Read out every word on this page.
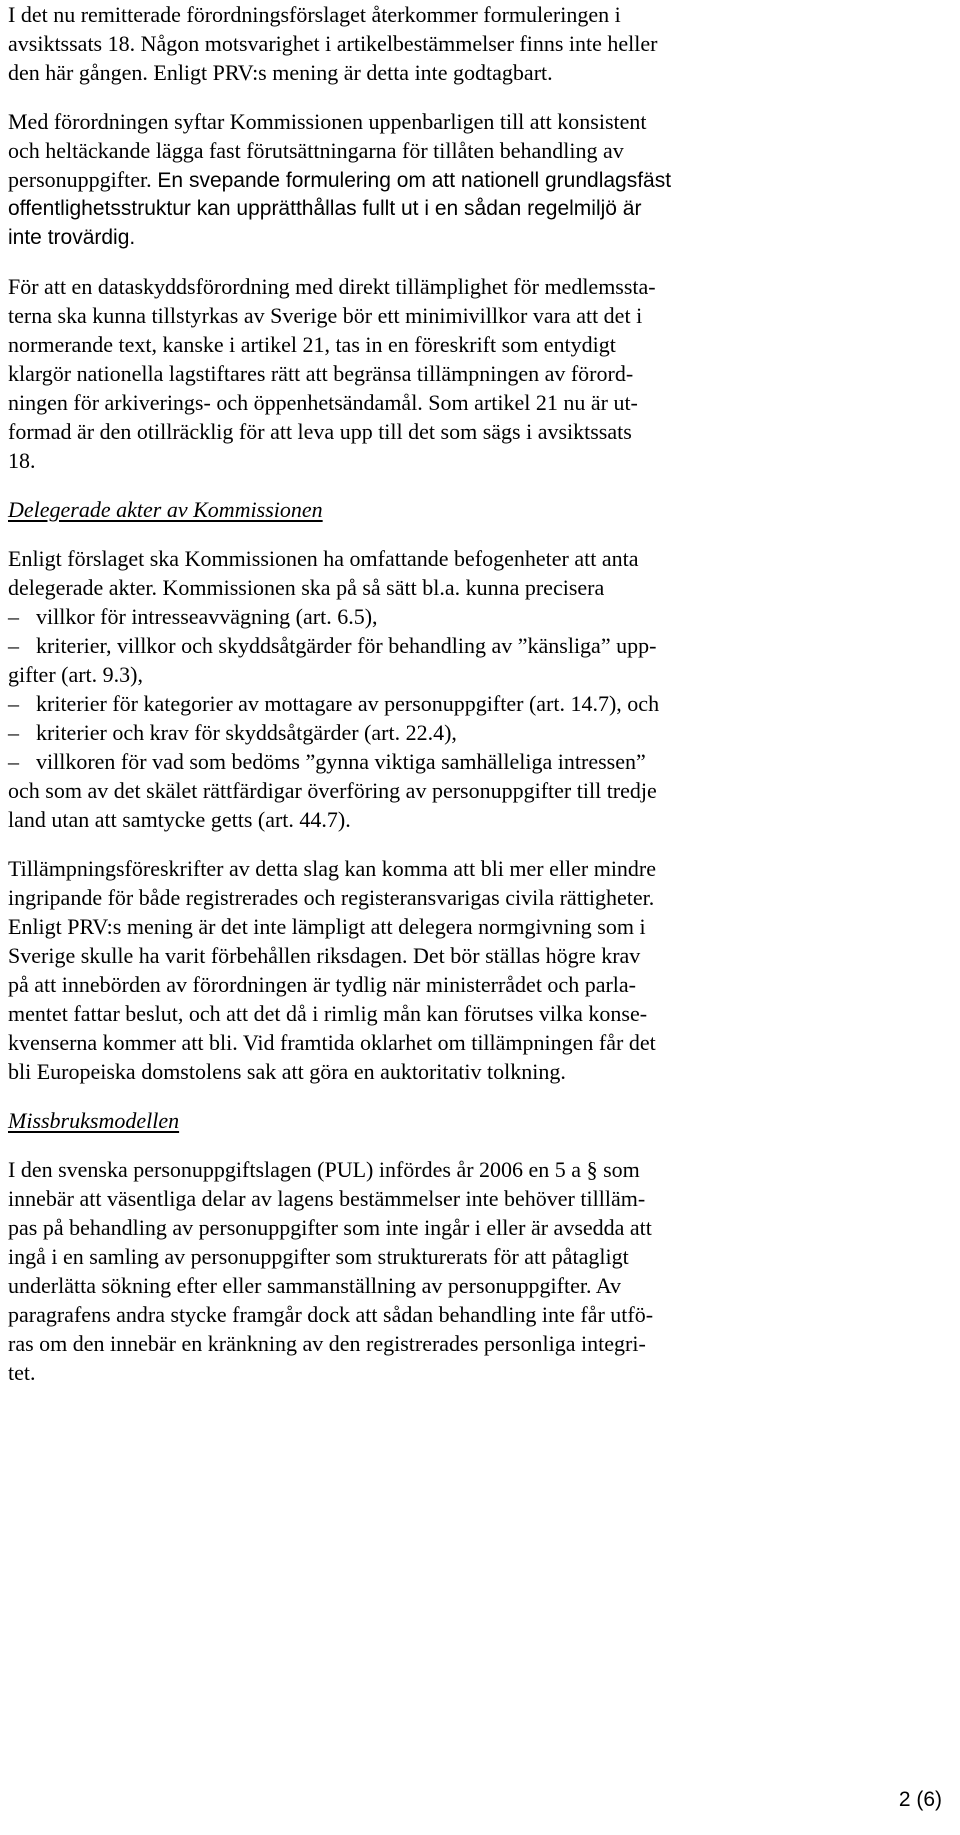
I det nu remitterade förordningsförslaget återkommer formuleringen i
avsiktssats 18. Någon motsvarighet i artikelbestämmelser finns inte heller
den här gången. Enligt PRV:s mening är detta inte godtagbart.
Med förordningen syftar Kommissionen uppenbarligen till att konsistent
och heltäckande lägga fast förutsättningarna för tillåten behandling av
personuppgifter. En svepande formulering om att nationell grundlagsfäst
offentlighetsstruktur kan upprätthållas fullt ut i en sådan regelmiljö är
inte trovärdig.
För att en dataskyddsförordning med direkt tillämplighet för medlemssta-
terna ska kunna tillstyrkas av Sverige bör ett minimivillkor vara att det i
normerande text, kanske i artikel 21, tas in en föreskrift som entydigt
klargör nationella lagstiftares rätt att begränsa tillämpningen av förord-
ningen för arkiverings- och öppenhetsändamål. Som artikel 21 nu är ut-
formad är den otillräcklig för att leva upp till det som sägs i avsiktssats
18.
Delegerade akter av Kommissionen
Enligt förslaget ska Kommissionen ha omfattande befogenheter att anta
delegerade akter. Kommissionen ska på så sätt bl.a. kunna precisera
– villkor för intresseavvägning (art. 6.5),
– kriterier, villkor och skyddsåtgärder för behandling av ”känsliga” upp-
gifter (art. 9.3),
– kriterier för kategorier av mottagare av personuppgifter (art. 14.7), och
– kriterier och krav för skyddsåtgärder (art. 22.4),
– villkoren för vad som bedöms ”gynna viktiga samhälleliga intressen”
och som av det skälet rättfärdigar överföring av personuppgifter till tredje
land utan att samtycke getts (art. 44.7).
Tillämpningsföreskrifter av detta slag kan komma att bli mer eller mindre
ingripande för både registrerades och registeransvarigas civila rättigheter.
Enligt PRV:s mening är det inte lämpligt att delegera normgivning som i
Sverige skulle ha varit förbehållen riksdagen. Det bör ställas högre krav
på att innebörden av förordningen är tydlig när ministerrådet och parla-
mentet fattar beslut, och att det då i rimlig mån kan förutses vilka konse-
kvenserna kommer att bli. Vid framtida oklarhet om tillämpningen får det
bli Europeiska domstolens sak att göra en auktoritativ tolkning.
Missbruksmodellen
I den svenska personuppgiftslagen (PUL) infördes år 2006 en 5 a § som
innebär att väsentliga delar av lagens bestämmelser inte behöver tillläm-
pas på behandling av personuppgifter som inte ingår i eller är avsedda att
ingå i en samling av personuppgifter som strukturerats för att påtagligt
underlätta sökning efter eller sammanställning av personuppgifter. Av
paragrafens andra stycke framgår dock att sådan behandling inte får utfö-
ras om den innebär en kränkning av den registrerades personliga integri-
tet.
2 (6)
